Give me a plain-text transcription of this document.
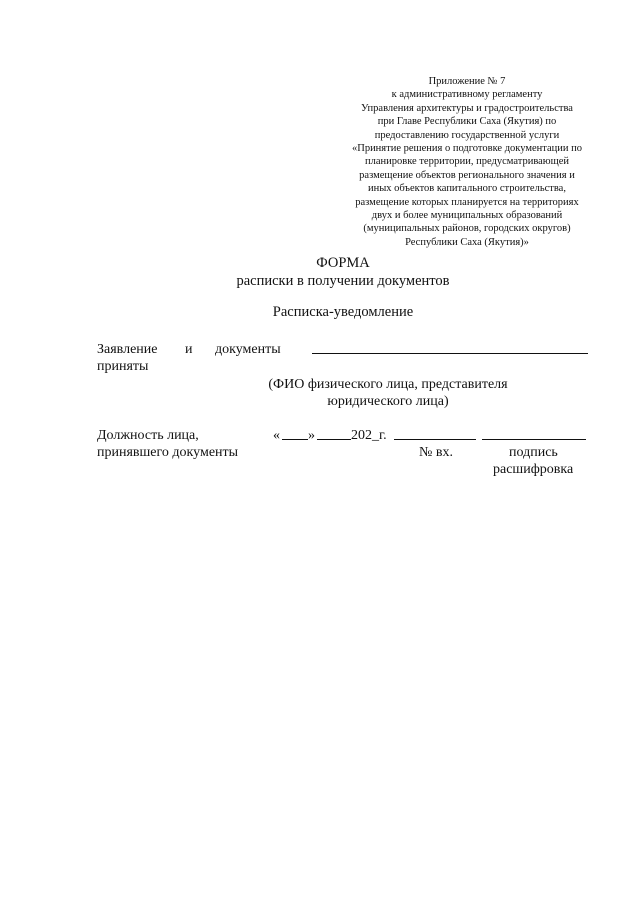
Приложение № 7
к административному регламенту
Управления архитектуры и градостроительства
при Главе Республики Саха (Якутия) по
предоставлению государственной услуги
«Принятие решения о подготовке документации по
планировке территории, предусматривающей
размещение объектов регионального значения и
иных объектов капитального строительства,
размещение которых планируется на территориях
двух и более муниципальных образований
(муниципальных районов, городских округов)
Республики Саха (Якутия)»
ФОРМА
расписки в получении документов
Расписка-уведомление
Заявление и документы
приняты
(ФИО физического лица, представителя
юридического лица)
Должность лица,
принявшего документы
« »	202_г.
№ вх.	подпись
расшифровка
